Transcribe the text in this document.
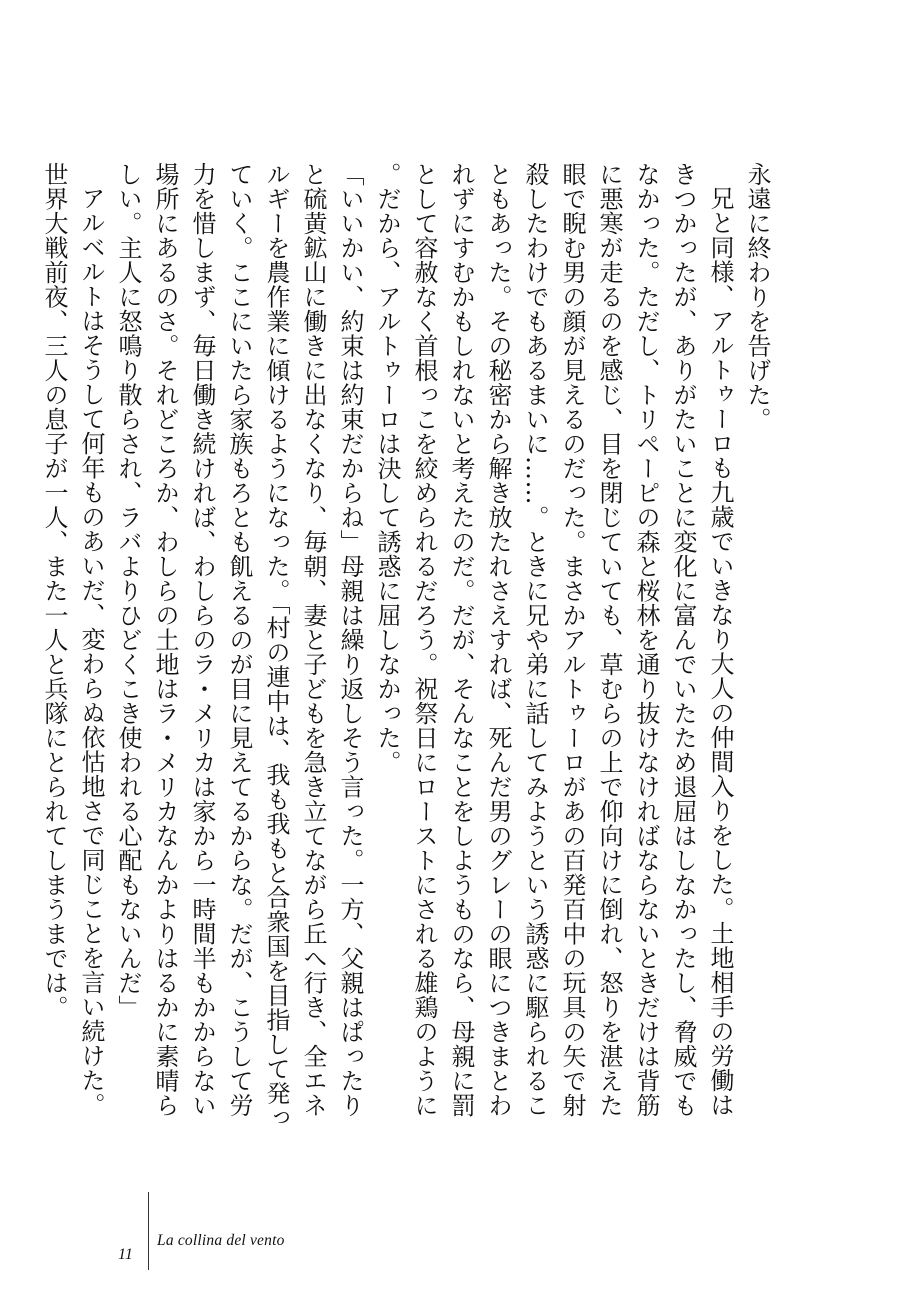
永遠に終わりを告げた。

兄と同様、アルトゥーロも九歳でいきなり大人の仲間入りをした。土地相手の労働はきつかったが、ありがたいことに変化に富んでいたため退屈はしなかったし、脅威でもなかった。ただし、トリペーピの森と桜林を通り抜けなければならないときだけは背筋に悪寒が走るのを感じ、目を閉じていても、草むらの上で仰向けに倒れ、怒りを湛えた眼で睨む男の顔が見えるのだった。まさかアルトゥーロがあの百発百中の玩具の矢で射殺したわけでもあるまいに……。ときに兄や弟に話してみようという誘惑に駆られることもあった。その秘密から解き放たれさえすれば、死んだ男のグレーの眼につきまとわれずにすむかもしれないと考えたのだ。だが、そんなことをしようものなら、母親に罰として容赦なく首根っこを絞められるだろう。祝祭日にローストにされる雄鶏のように。だから、アルトゥーロは決して誘惑に屈しなかった。

「いいかい、約束は約束だからね」母親は繰り返しそう言った。一方、父親はぱったりと硫黄鉱山に働きに出なくなり、毎朝、妻と子どもを急き立てながら丘へ行き、全エネルギーを農作業に傾けるようになった。「村の連中は、我も我もと合衆国を目指して発っていく。ここにいたら家族もろとも飢えるのが目に見えてるからな。だが、こうして労力を惜しまず、毎日働き続ければ、わしらのラ・メリカは家から一時間半もかからない場所にあるのさ。それどころか、わしらの土地はラ・メリカなんかよりはるかに素晴らしい。主人に怒鳴り散らされ、ラバよりひどくこき使われる心配もないんだ」

アルベルトはそうして何年ものあいだ、変わらぬ依怙地さで同じことを言い続けた。世界大戦前夜、三人の息子が一人、また一人と兵隊にとられてしまうまでは。

11
La collina del vento
